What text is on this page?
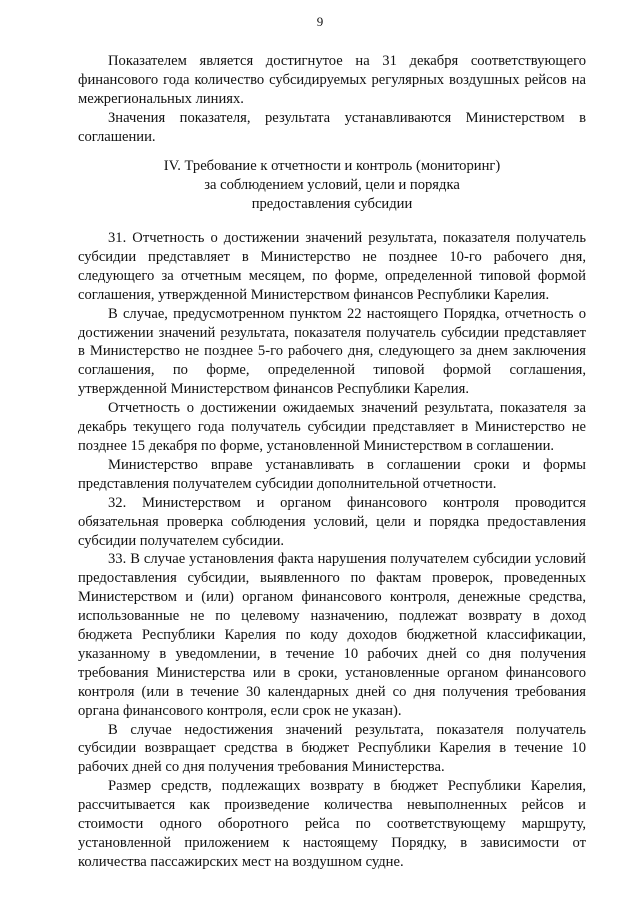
9

Показателем является достигнутое на 31 декабря соответствующего финансового года количество субсидируемых регулярных воздушных рейсов на межрегиональных линиях.

Значения показателя, результата устанавливаются Министерством в соглашении.

IV. Требование к отчетности и контроль (мониторинг)
за соблюдением условий, цели и порядка
предоставления субсидии

31. Отчетность о достижении значений результата, показателя получатель субсидии представляет в Министерство не позднее 10-го рабочего дня, следующего за отчетным месяцем, по форме, определенной типовой формой соглашения, утвержденной Министерством финансов Республики Карелия.

В случае, предусмотренном пунктом 22 настоящего Порядка, отчетность о достижении значений результата, показателя получатель субсидии представляет в Министерство не позднее 5-го рабочего дня, следующего за днем заключения соглашения, по форме, определенной типовой формой соглашения, утвержденной Министерством финансов Республики Карелия.

Отчетность о достижении ожидаемых значений результата, показателя за декабрь текущего года получатель субсидии представляет в Министерство не позднее 15 декабря по форме, установленной Министерством в соглашении.

Министерство вправе устанавливать в соглашении сроки и формы представления получателем субсидии дополнительной отчетности.

32. Министерством и органом финансового контроля проводится обязательная проверка соблюдения условий, цели и порядка предоставления субсидии получателем субсидии.

33. В случае установления факта нарушения получателем субсидии условий предоставления субсидии, выявленного по фактам проверок, проведенных Министерством и (или) органом финансового контроля, денежные средства, использованные не по целевому назначению, подлежат возврату в доход бюджета Республики Карелия по коду доходов бюджетной классификации, указанному в уведомлении, в течение 10 рабочих дней со дня получения требования Министерства или в сроки, установленные органом финансового контроля (или в течение 30 календарных дней со дня получения требования органа финансового контроля, если срок не указан).

В случае недостижения значений результата, показателя получатель субсидии возвращает средства в бюджет Республики Карелия в течение 10 рабочих дней со дня получения требования Министерства.

Размер средств, подлежащих возврату в бюджет Республики Карелия, рассчитывается как произведение количества невыполненных рейсов и стоимости одного оборотного рейса по соответствующему маршруту, установленной приложением к настоящему Порядку, в зависимости от количества пассажирских мест на воздушном судне.
